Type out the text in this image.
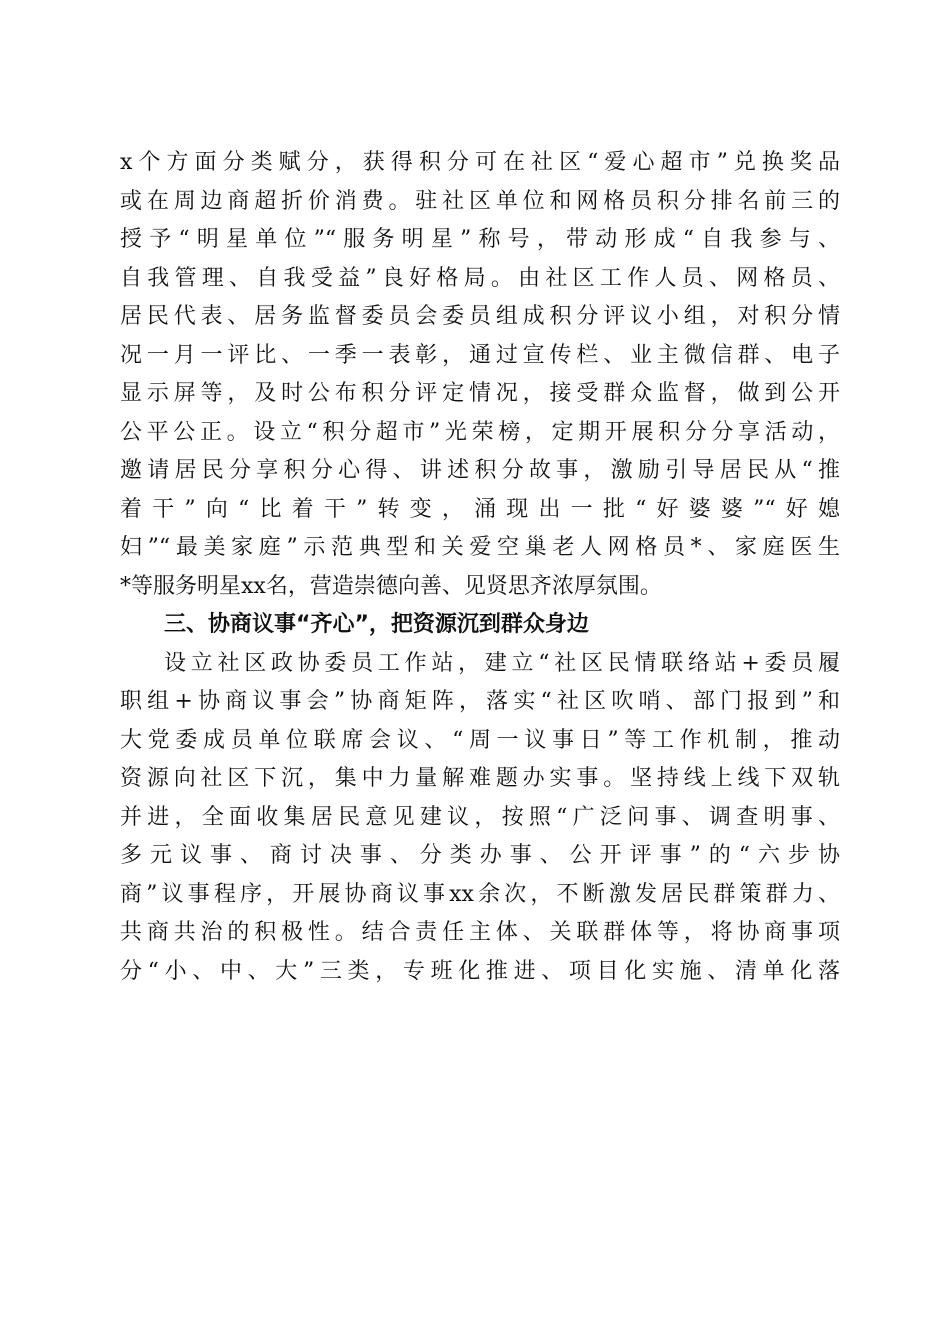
x个方面分类赋分，获得积分可在社区“爱心超市”兑换奖品
或在周边商超折价消费。驻社区单位和网格员积分排名前三的
授予“明星单位”“服务明星”称号，带动形成“自我参与、
自我管理、自我受益”良好格局。由社区工作人员、网格员、
居民代表、居务监督委员会委员组成积分评议小组，对积分情
况一月一评比、一季一表彰，通过宣传栏、业主微信群、电子
显示屏等，及时公布积分评定情况，接受群众监督，做到公开
公平公正。设立“积分超市”光荣榜，定期开展积分分享活动，
邀请居民分享积分心得、讲述积分故事，激励引导居民从“推
着干”向“比着干”转变，涌现出一批“好婆婆”“好媳
妇”“最美家庭”示范典型和关爱空巢老人网格员*、家庭医生
*等服务明星xx名，营造崇德向善、见贤思齐浓厚氛围。
三、协商议事“齐心”，把资源沉到群众身边
设立社区政协委员工作站，建立“社区民情联络站+委员履
职组+协商议事会”协商矩阵，落实“社区吹哨、部门报到”和
大党委成员单位联席会议、“周一议事日”等工作机制，推动
资源向社区下沉，集中力量解难题办实事。坚持线上线下双轨
并进，全面收集居民意见建议，按照“广泛问事、调查明事、
多元议事、商讨决事、分类办事、公开评事”的“六步协
商”议事程序，开展协商议事xx余次，不断激发居民群策群力、
共商共治的积极性。结合责任主体、关联群体等，将协商事项
分“小、中、大”三类，专班化推进、项目化实施、清单化落
